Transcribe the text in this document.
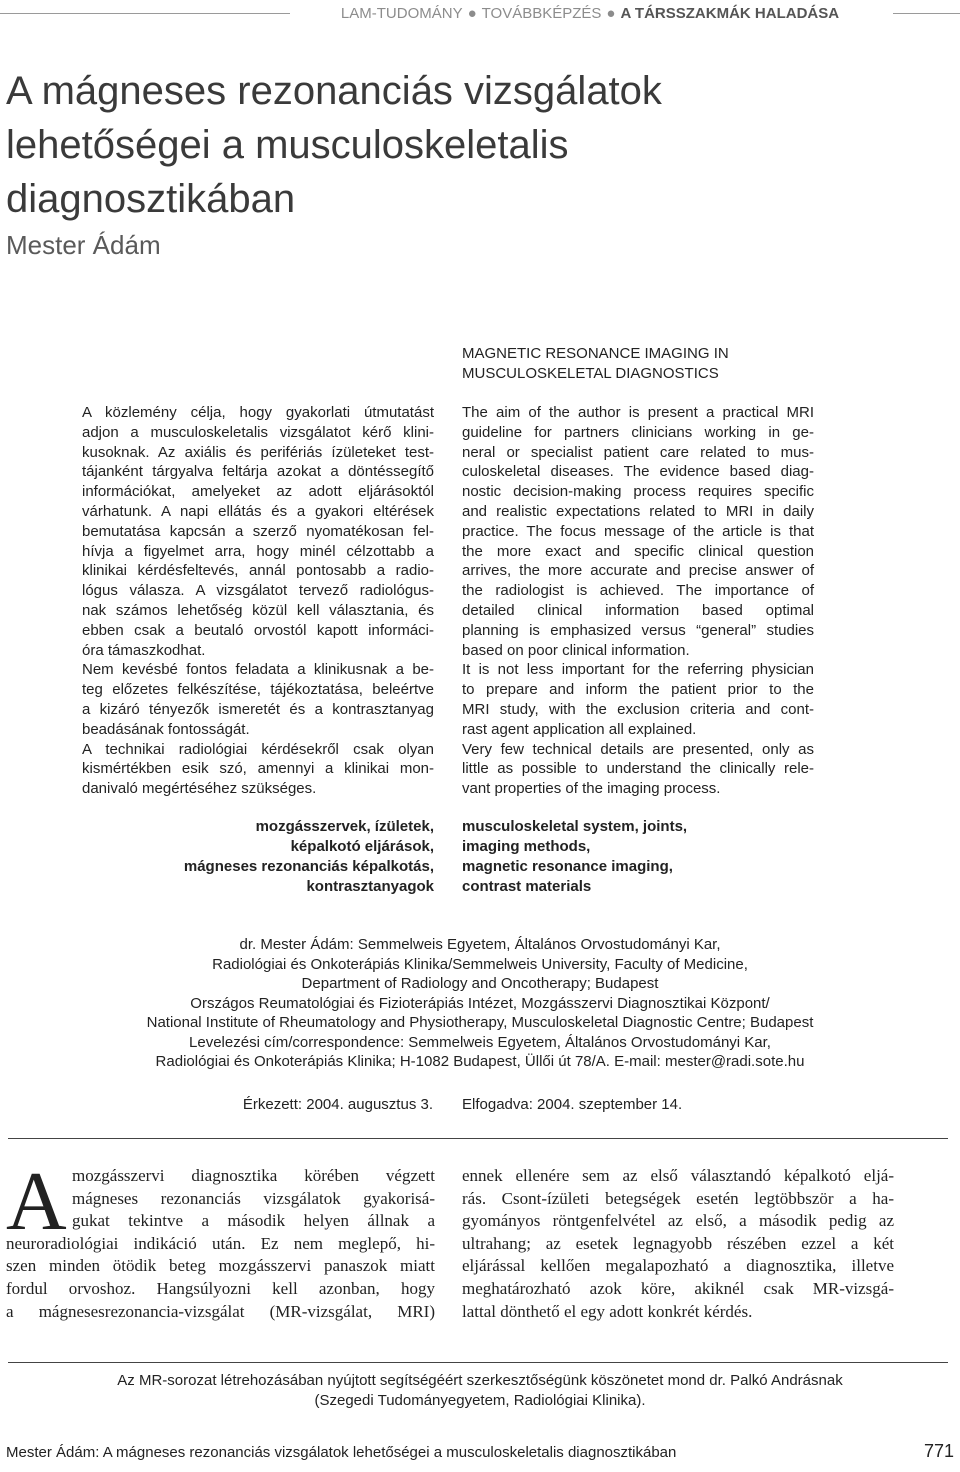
LAM-TUDOMÁNY ● TOVÁBBKÉPZÉS ● A TÁRSSZAKMÁK HALADÁSA
A mágneses rezonanciás vizsgálatok
lehetőségei a musculoskeletalis
diagnosztikában
Mester Ádám
MAGNETIC RESONANCE IMAGING IN
MUSCULOSKELETAL DIAGNOSTICS
A közlemény célja, hogy gyakorlati útmutatást
adjon a musculoskeletalis vizsgálatot kérő klini-
kusoknak. Az axiális és perifériás ízületeket test-
tájanként tárgyalva feltárja azokat a döntéssegítő
információkat, amelyeket az adott eljárásoktól
várhatunk. A napi ellátás és a gyakori eltérések
bemutatása kapcsán a szerző nyomatékosan fel-
hívja a figyelmet arra, hogy minél célzottabb a
klinikai kérdésfeltevés, annál pontosabb a radio-
lógus válasza. A vizsgálatot tervező radiológus-
nak számos lehetőség közül kell választania, és
ebben csak a beutaló orvostól kapott informáci-
óra támaszkodhat.
Nem kevésbé fontos feladata a klinikusnak a be-
teg előzetes felkészítése, tájékoztatása, beleértve
a kizáró tényezők ismeretét és a kontrasztanyag
beadásának fontosságát.
A technikai radiológiai kérdésekről csak olyan
kismértékben esik szó, amennyi a klinikai mon-
danivaló megértéséhez szükséges.
The aim of the author is present a practical MRI
guideline for partners clinicians working in ge-
neral or specialist patient care related to mus-
culoskeletal diseases. The evidence based diag-
nostic decision-making process requires specific
and realistic expectations related to MRI in daily
practice. The focus message of the article is that
the more exact and specific clinical question
arrives, the more accurate and precise answer of
the radiologist is achieved. The importance of
detailed clinical information based optimal
planning is emphasized versus “general” studies
based on poor clinical information.
It is not less important for the referring physician
to prepare and inform the patient prior to the
MRI study, with the exclusion criteria and cont-
rast agent application all explained.
Very few technical details are presented, only as
little as possible to understand the clinically rele-
vant properties of the imaging process.
mozgásszervek, ízületek,
képalkotó eljárások,
mágneses rezonanciás képalkotás,
kontrasztanyagok
musculoskeletal system, joints,
imaging methods,
magnetic resonance imaging,
contrast materials
dr. Mester Ádám: Semmelweis Egyetem, Általános Orvostudományi Kar,
Radiológiai és Onkoterápiás Klinika/Semmelweis University, Faculty of Medicine,
Department of Radiology and Oncotherapy; Budapest
Országos Reumatológiai és Fizioterápiás Intézet, Mozgásszervi Diagnosztikai Központ/
National Institute of Rheumatology and Physiotherapy, Musculoskeletal Diagnostic Centre; Budapest
Levelezési cím/correspondence: Semmelweis Egyetem, Általános Orvostudományi Kar,
Radiológiai és Onkoterápiás Klinika; H-1082 Budapest, Üllői út 78/A. E-mail: mester@radi.sote.hu
Érkezett: 2004. augusztus 3. Elfogadva: 2004. szeptember 14.
A mozgásszervi diagnosztika körében végzett
mágneses rezonanciás vizsgálatok gyakorisá-
gukat tekintve a második helyen állnak a
neuroradiológiai indikáció után. Ez nem meglepő, hi-
szen minden ötödik beteg mozgásszervi panaszok miatt
fordul orvoshoz. Hangsúlyozni kell azonban, hogy
a mágnesesrezonancia-vizsgálat (MR-vizsgálat, MRI)
ennek ellenére sem az első választandó képalkotó eljá-
rás. Csont-ízületi betegségek esetén legtöbbször a ha-
gyományos röntgenfelvétel az első, a második pedig az
ultrahang; az esetek legnagyobb részében ezzel a két
eljárással kellően megalapozható a diagnosztika, illetve
meghatározható azok köre, akiknél csak MR-vizsgá-
lattal dönthető el egy adott konkrét kérdés.
Az MR-sorozat létrehozásában nyújtott segítségéért szerkesztőségünk köszönetet mond dr. Palkó Andrásnak
(Szegedi Tudományegyetem, Radiológiai Klinika).
Mester Ádám: A mágneses rezonanciás vizsgálatok lehetőségei a musculoskeletalis diagnosztikában	771
